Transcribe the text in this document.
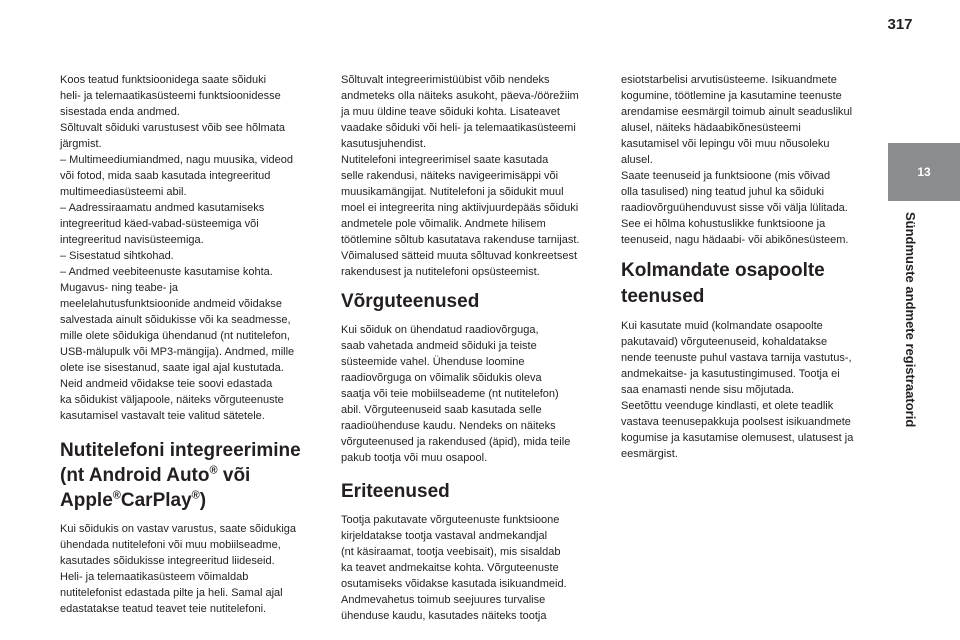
317
13
Sündmuste andmete registraatorid

Koos teatud funktsioonidega saate sõiduki
heli- ja telemaatikasüsteemi funktsioonidesse
sisestada enda andmed.
Sõltuvalt sõiduki varustusest võib see hõlmata
järgmist.
– Multimeediumiandmed, nagu muusika, videod
või fotod, mida saab kasutada integreeritud
multimeediasüsteemi abil.
– Aadressiraamatu andmed kasutamiseks
integreeritud käed-vabad-süsteemiga või
integreeritud navisüsteemiga.
– Sisestatud sihtkohad.
– Andmed veebiteenuste kasutamise kohta.
Mugavus- ning teabe- ja
meelelahutusfunktsioonide andmeid võidakse
salvestada ainult sõidukisse või ka seadmesse,
mille olete sõidukiga ühendanud (nt nutitelefon,
USB-mälupulk või MP3-mängija). Andmed, mille
olete ise sisestanud, saate igal ajal kustutada.
Neid andmeid võidakse teie soovi edastada
ka sõidukist väljapoole, näiteks võrguteenuste
kasutamisel vastavalt teie valitud sätetele.

Nutitelefoni integreerimine
(nt Android Auto® või
Apple®CarPlay®)

Kui sõidukis on vastav varustus, saate sõidukiga
ühendada nutitelefoni või muu mobiilseadme,
kasutades sõidukisse integreeritud liideseid.
Heli- ja telemaatikasüsteem võimaldab
nutitelefonist edastada pilte ja heli. Samal ajal
edastatakse teatud teavet teie nutitelefoni.

Sõltuvalt integreerimistüübist võib nendeks
andmeteks olla näiteks asukoht, päeva-/öörežiim
ja muu üldine teave sõiduki kohta. Lisateavet
vaadake sõiduki või heli- ja telemaatikasüsteemi
kasutusjuhendist.
Nutitelefoni integreerimisel saate kasutada
selle rakendusi, näiteks navigeerimisäppi või
muusikamängijat. Nutitelefoni ja sõidukit muul
moel ei integreerita ning aktiivjuurdepääs sõiduki
andmetele pole võimalik. Andmete hilisem
töötlemine sõltub kasutatava rakenduse tarnijast.
Võimalused sätteid muuta sõltuvad konkreetsest
rakendusest ja nutitelefoni opsüsteemist.

Võrguteenused

Kui sõiduk on ühendatud raadiovõrguga,
saab vahetada andmeid sõiduki ja teiste
süsteemide vahel. Ühenduse loomine
raadiovõrguga on võimalik sõidukis oleva
saatja või teie mobiilseademe (nt nutitelefon)
abil. Võrguteenuseid saab kasutada selle
raadioühenduse kaudu. Nendeks on näiteks
võrguteenused ja rakendused (äpid), mida teile
pakub tootja või muu osapool.

Eriteenused

Tootja pakutavate võrguteenuste funktsioone
kirjeldatakse tootja vastaval andmekandjal
(nt käsiraamat, tootja veebisait), mis sisaldab
ka teavet andmekaitse kohta. Võrguteenuste
osutamiseks võidakse kasutada isikuandmeid.
Andmevahetus toimub seejuures turvalise
ühenduse kaudu, kasutades näiteks tootja

esiotstarbelisi arvutisüsteeme. Isikuandmete
kogumine, töötlemine ja kasutamine teenuste
arendamise eesmärgil toimub ainult seaduslikul
alusel, näiteks hädaabikõnesüsteemi
kasutamisel või lepingu või muu nõusoleku
alusel.
Saate teenuseid ja funktsioone (mis võivad
olla tasulised) ning teatud juhul ka sõiduki
raadiovõrguühenduvust sisse või välja lülitada.
See ei hõlma kohustuslikke funktsioone ja
teenuseid, nagu hädaabi- või abikõnesüsteem.

Kolmandate osapoolte
teenused

Kui kasutate muid (kolmandate osapoolte
pakutavaid) võrguteenuseid, kohaldatakse
nende teenuste puhul vastava tarnija vastutus-,
andmekaitse- ja kasutustingimused. Tootja ei
saa enamasti nende sisu mõjutada.
Seetõttu veenduge kindlasti, et olete teadlik
vastava teenusepakkuja poolsest isikuandmete
kogumise ja kasutamise olemusest, ulatusest ja
eesmärgist.
